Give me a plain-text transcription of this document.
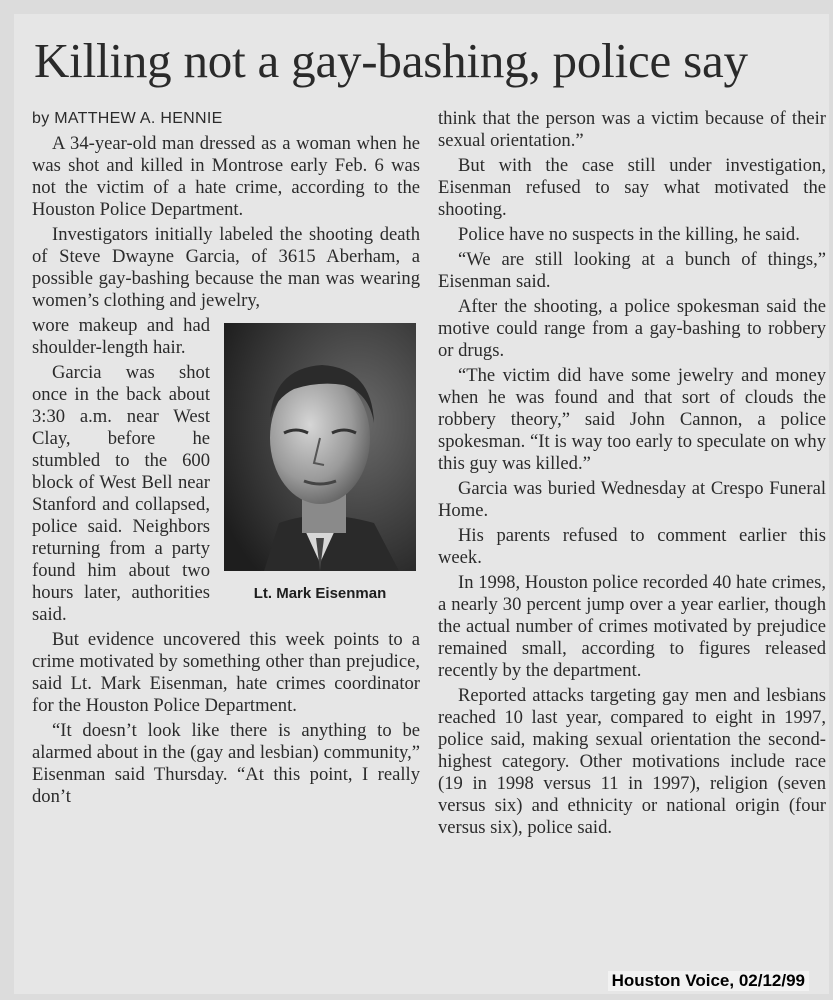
Killing not a gay-bashing, police say

by MATTHEW A. HENNIE

A 34-year-old man dressed as a woman when he was shot and killed in Montrose early Feb. 6 was not the victim of a hate crime, according to the Houston Police Department.

Investigators initially labeled the shooting death of Steve Dwayne Garcia, of 3615 Aberham, a possible gay-bashing because the man was wearing women’s clothing and jewelry,

Lt. Mark Eisenman

wore makeup and had shoulder-length hair.

Garcia was shot once in the back about 3:30 a.m. near West Clay, before he stumbled to the 600 block of West Bell near Stanford and collapsed, police said. Neighbors returning from a party found him about two hours later, authorities said.

But evidence uncovered this week points to a crime motivated by something other than prejudice, said Lt. Mark Eisenman, hate crimes coordinator for the Houston Police Department.

“It doesn’t look like there is anything to be alarmed about in the (gay and lesbian) community,” Eisenman said Thursday. “At this point, I really don’t

think that the person was a victim because of their sexual orientation.”

But with the case still under investigation, Eisenman refused to say what motivated the shooting.

Police have no suspects in the killing, he said.

“We are still looking at a bunch of things,” Eisenman said.

After the shooting, a police spokesman said the motive could range from a gay-bashing to robbery or drugs.

“The victim did have some jewelry and money when he was found and that sort of clouds the robbery theory,” said John Cannon, a police spokesman. “It is way too early to speculate on why this guy was killed.”

Garcia was buried Wednesday at Crespo Funeral Home.

His parents refused to comment earlier this week.

In 1998, Houston police recorded 40 hate crimes, a nearly 30 percent jump over a year earlier, though the actual number of crimes motivated by prejudice remained small, according to figures released recently by the department.

Reported attacks targeting gay men and lesbians reached 10 last year, compared to eight in 1997, police said, making sexual orientation the second-highest category. Other motivations include race (19 in 1998 versus 11 in 1997), religion (seven versus six) and ethnicity or national origin (four versus six), police said.

Houston Voice, 02/12/99
